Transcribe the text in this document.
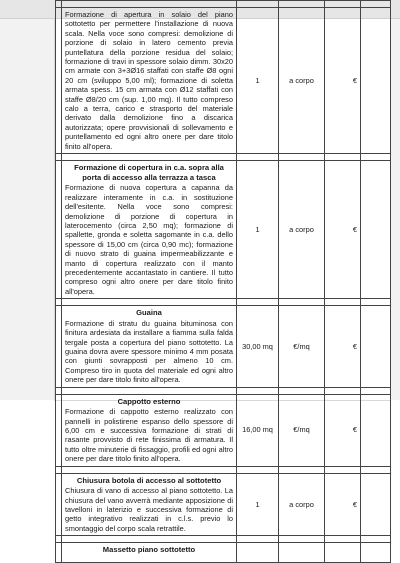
	Formazione di apertura in solaio del piano sottotetto per permettere l'installazione di nuova scala. Nella voce sono compresi: demolizione di porzione di solaio in latero cemento previa puntellatura della porzione residua del solaio; formazione di travi in spessore solaio dimm. 30x20 cm armate con 3+3Ø16 staffati con staffe Ø8 ogni 20 cm (sviluppo 5,00 ml); formazione di soletta armata spess. 15 cm armata con Ø12 staffati con staffe Ø8/20 cm (sup. 1,00 mq). Il tutto compreso calo a terra, carico e strasporto del materiale derivato dalla demolizione fino a discarica autorizzata; opere provvisionali di sollevamento e puntellamento ed ogni altro onere per dare titolo finito all'opera.	1	a corpo	€	

	Formazione di copertura in c.a. sopra alla porta di accesso alla terrazza a tasca
Formazione di nuova copertura a capanna da realizzare interamente in c.a. in sostituzione dell'esitente. Nella voce sono compresi: demolizione di porzione di copertura in laterocemento (circa 2,50 mq); formazione di spallette, gronda e soletta sagomante in c.a. dello spessore di 15,00 cm (circa 0,90 mc); formazione di nuovo strato di guaina impermeabilizzante e manto di copertura realizzato con il manto precedentemente accantastato in cantiere. Il tutto compreso ogni altro onere per dare titolo finito all'opera.	1	a corpo	€	

	Guaina
Formazione di stratu du guaina bituminosa con finitura ardesiata da installare a fiamma sulla falda tergale posta a copertura del piano sottotetto. La guaina dovra avere spessore minimo 4 mm posata con giunti sovrapposti per almeno 10 cm. Compreso tiro in quota del materiale ed ogni altro onere per dare titolo finito all'opera.	30,00 mq	€/mq	€	

	Cappotto esterno
Formazione di cappotto esterno realizzato con pannelli in polistirene espanso dello spessore di 6,00 cm e successiva formazione di strati di rasante provvisto di rete finissima di armatura. Il tutto oltre minuterie di fissaggio, profili ed ogni altro onere per dare titolo finito all'opera.	16,00 mq	€/mq	€	

	Chiusura botola di accesso al sottotetto
Chiusura di vano di accesso al piano sottotetto. La chiusura del vano avverrà mediante apposizione di tavelloni in laterizio e successiva formazione di getto integrativo realizzati in c.l.s. previo lo smontaggio del corpo scala retrattile.	1	a corpo	€	

	Massetto piano sottotetto				
